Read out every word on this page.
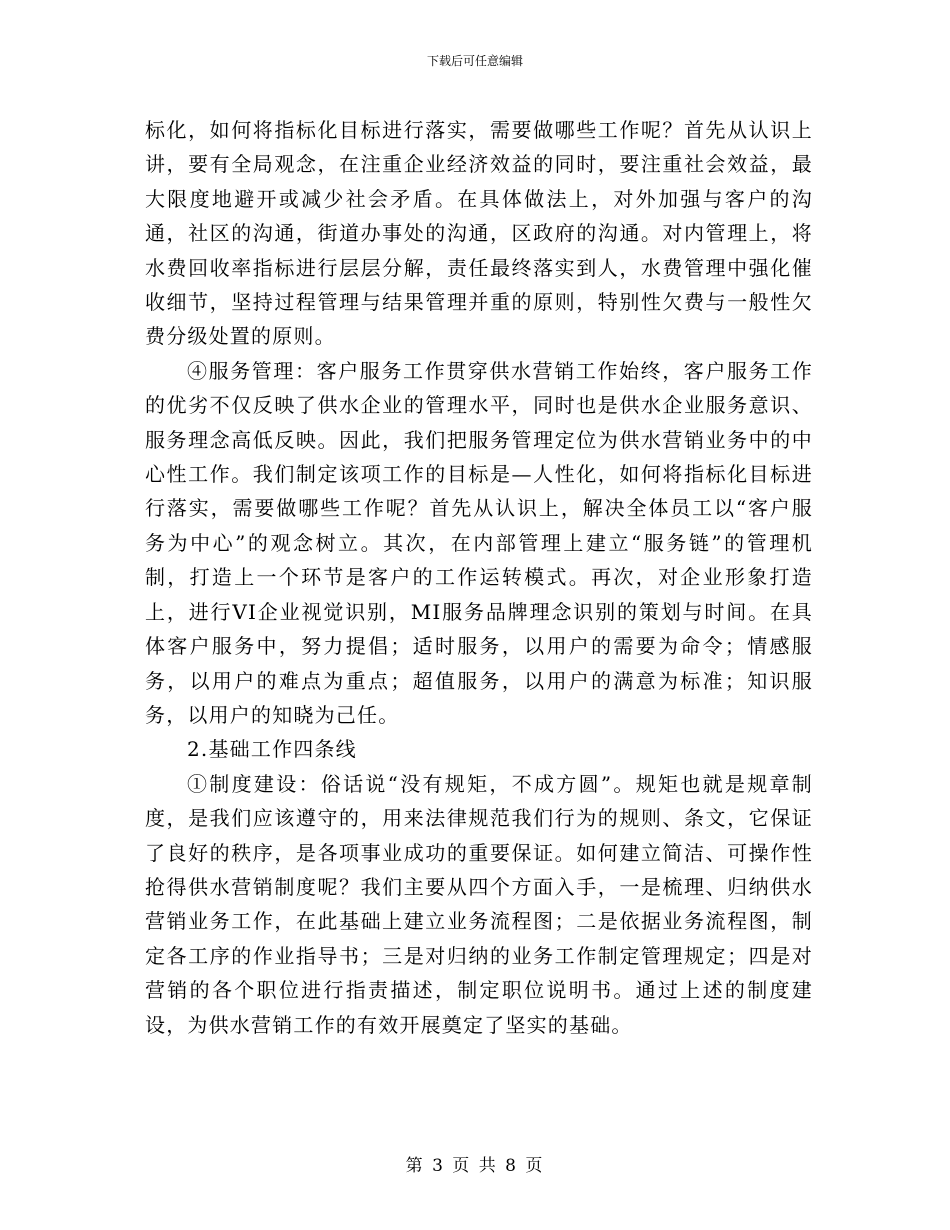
下载后可任意编辑

标化，如何将指标化目标进行落实，需要做哪些工作呢？首先从认识上讲，要有全局观念，在注重企业经济效益的同时，要注重社会效益，最大限度地避开或减少社会矛盾。在具体做法上，对外加强与客户的沟通，社区的沟通，街道办事处的沟通，区政府的沟通。对内管理上，将水费回收率指标进行层层分解，责任最终落实到人，水费管理中强化催收细节，坚持过程管理与结果管理并重的原则，特别性欠费与一般性欠费分级处置的原则。

④服务管理：客户服务工作贯穿供水营销工作始终，客户服务工作的优劣不仅反映了供水企业的管理水平，同时也是供水企业服务意识、服务理念高低反映。因此，我们把服务管理定位为供水营销业务中的中心性工作。我们制定该项工作的目标是—人性化，如何将指标化目标进行落实，需要做哪些工作呢？首先从认识上，解决全体员工以“客户服务为中心”的观念树立。其次，在内部管理上建立“服务链”的管理机制，打造上一个环节是客户的工作运转模式。再次，对企业形象打造上，进行VI企业视觉识别，MI服务品牌理念识别的策划与时间。在具体客户服务中，努力提倡；适时服务，以用户的需要为命令；情感服务，以用户的难点为重点；超值服务，以用户的满意为标准；知识服务，以用户的知晓为己任。

2.基础工作四条线

①制度建设：俗话说“没有规矩，不成方圆”。规矩也就是规章制度，是我们应该遵守的，用来法律规范我们行为的规则、条文，它保证了良好的秩序，是各项事业成功的重要保证。如何建立简洁、可操作性抢得供水营销制度呢？我们主要从四个方面入手，一是梳理、归纳供水营销业务工作，在此基础上建立业务流程图；二是依据业务流程图，制定各工序的作业指导书；三是对归纳的业务工作制定管理规定；四是对营销的各个职位进行指责描述，制定职位说明书。通过上述的制度建设，为供水营销工作的有效开展奠定了坚实的基础。

第 3 页 共 8 页
